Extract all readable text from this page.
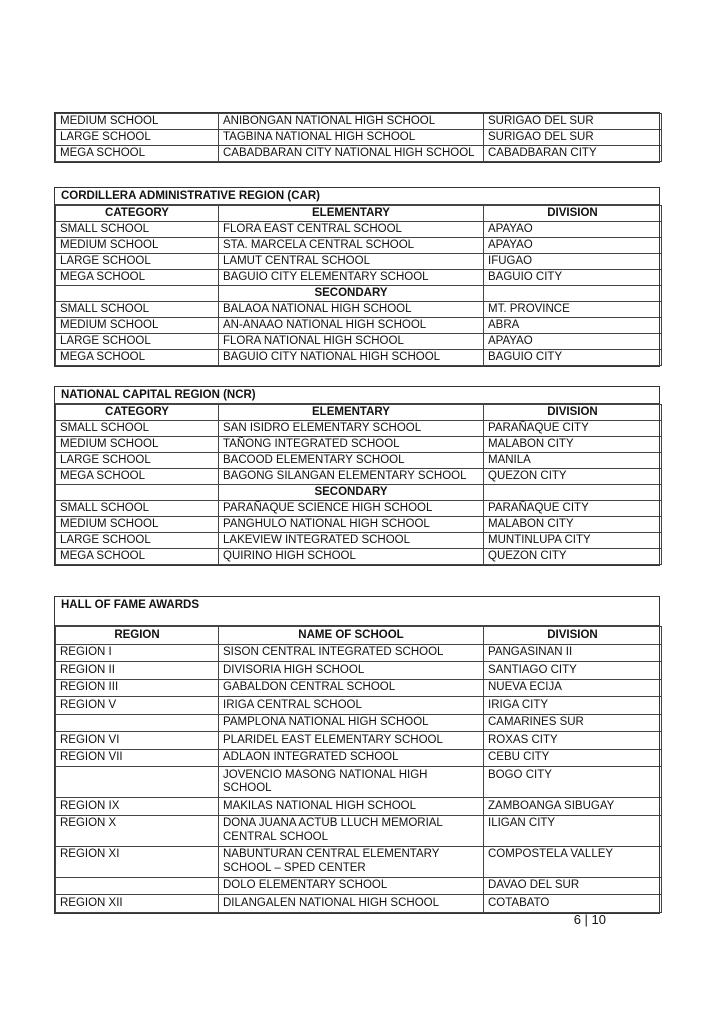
MEDIUM SCHOOL	ANIBONGAN NATIONAL HIGH SCHOOL	SURIGAO DEL SUR
LARGE SCHOOL	TAGBINA NATIONAL HIGH SCHOOL	SURIGAO DEL SUR
MEGA SCHOOL	CABADBARAN CITY NATIONAL HIGH SCHOOL	CABADBARAN CITY
CORDILLERA ADMINISTRATIVE REGION (CAR)
CATEGORY	ELEMENTARY	DIVISION
SMALL SCHOOL	FLORA EAST CENTRAL SCHOOL	APAYAO
MEDIUM SCHOOL	STA. MARCELA CENTRAL SCHOOL	APAYAO
LARGE SCHOOL	LAMUT CENTRAL SCHOOL	IFUGAO
MEGA SCHOOL	BAGUIO CITY ELEMENTARY SCHOOL	BAGUIO CITY
	SECONDARY	
SMALL SCHOOL	BALAOA NATIONAL HIGH SCHOOL	MT. PROVINCE
MEDIUM SCHOOL	AN-ANAAO NATIONAL HIGH SCHOOL	ABRA
LARGE SCHOOL	FLORA NATIONAL HIGH SCHOOL	APAYAO
MEGA SCHOOL	BAGUIO CITY NATIONAL HIGH SCHOOL	BAGUIO CITY
NATIONAL CAPITAL REGION (NCR)
CATEGORY	ELEMENTARY	DIVISION
SMALL SCHOOL	SAN ISIDRO ELEMENTARY SCHOOL	PARAÑAQUE CITY
MEDIUM SCHOOL	TAÑONG INTEGRATED SCHOOL	MALABON CITY
LARGE SCHOOL	BACOOD ELEMENTARY SCHOOL	MANILA
MEGA SCHOOL	BAGONG SILANGAN ELEMENTARY SCHOOL	QUEZON CITY
	SECONDARY	
SMALL SCHOOL	PARAÑAQUE SCIENCE HIGH SCHOOL	PARAÑAQUE CITY
MEDIUM SCHOOL	PANGHULO NATIONAL HIGH SCHOOL	MALABON CITY
LARGE SCHOOL	LAKEVIEW INTEGRATED SCHOOL	MUNTINLUPA CITY
MEGA SCHOOL	QUIRINO HIGH SCHOOL	QUEZON CITY
HALL OF FAME AWARDS
REGION	NAME OF SCHOOL	DIVISION
REGION I	SISON CENTRAL INTEGRATED SCHOOL	PANGASINAN II
REGION II	DIVISORIA HIGH SCHOOL	SANTIAGO CITY
REGION III	GABALDON CENTRAL SCHOOL	NUEVA ECIJA
REGION V	IRIGA CENTRAL SCHOOL	IRIGA CITY
	PAMPLONA NATIONAL HIGH SCHOOL	CAMARINES SUR
REGION VI	PLARIDEL EAST ELEMENTARY SCHOOL	ROXAS CITY
REGION VII	ADLAON INTEGRATED SCHOOL	CEBU CITY
	JOVENCIO MASONG NATIONAL HIGH SCHOOL	BOGO CITY
REGION IX	MAKILAS NATIONAL HIGH SCHOOL	ZAMBOANGA SIBUGAY
REGION X	DONA JUANA ACTUB LLUCH MEMORIAL CENTRAL SCHOOL	ILIGAN CITY
REGION XI	NABUNTURAN CENTRAL ELEMENTARY SCHOOL – SPED CENTER	COMPOSTELA VALLEY
	DOLO ELEMENTARY SCHOOL	DAVAO DEL SUR
REGION XII	DILANGALEN NATIONAL HIGH SCHOOL	COTABATO
6 | 10
